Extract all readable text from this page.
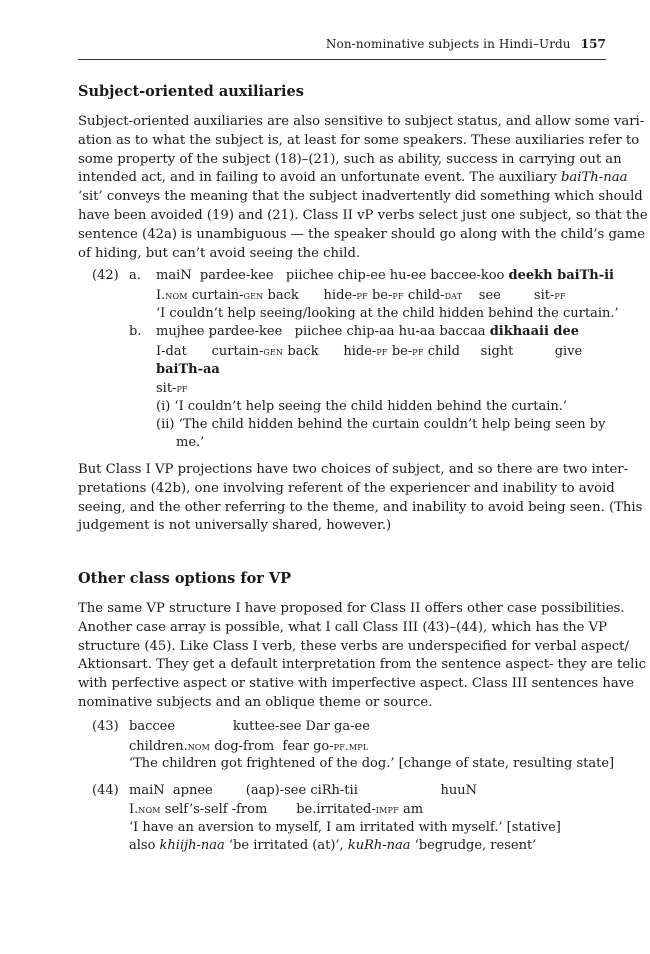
Non-nominative subjects in Hindi–Urdu 157
Subject-oriented auxiliaries
Subject-oriented auxiliaries are also sensitive to subject status, and allow some vari-
ation as to what the subject is, at least for some speakers. These auxiliaries refer to
some property of the subject (18)–(21), such as ability, success in carrying out an
intended act, and in failing to avoid an unfortunate event. The auxiliary baiTh-naa
‘sit’ conveys the meaning that the subject inadvertently did something which should
have been avoided (19) and (21). Class II vP verbs select just one subject, so that the
sentence (42a) is unambiguous — the speaker should go along with the child’s game
of hiding, but can’t avoid seeing the child.
(42) a. maiN  pardee-kee   piichee chip-ee hu-ee baccee-koo deekh baiTh-ii
I.nom curtain-gen back      hide-pf be-pf child-dat    see        sit-pf
‘I couldn’t help seeing/looking at the child hidden behind the curtain.’
b. mujhee pardee-kee   piichee chip-aa hu-aa baccaa dikhaaii dee
I-dat      curtain-gen back      hide-pf be-pf child     sight          give
baiTh-aa
sit-pf
(i) ‘I couldn’t help seeing the child hidden behind the curtain.’
(ii) ‘The child hidden behind the curtain couldn’t help being seen by
me.’
But Class I VP projections have two choices of subject, and so there are two inter-
pretations (42b), one involving referent of the experiencer and inability to avoid
seeing, and the other referring to the theme, and inability to avoid being seen. (This
judgement is not universally shared, however.)
Other class options for VP
The same VP structure I have proposed for Class II offers other case possibilities.
Another case array is possible, what I call Class III (43)–(44), which has the VP
structure (45). Like Class I verb, these verbs are underspecified for verbal aspect/
Aktionsart. They get a default interpretation from the sentence aspect- they are telic
with perfective aspect or stative with imperfective aspect. Class III sentences have
nominative subjects and an oblique theme or source.
(43) baccee              kuttee-see Dar ga-ee
children.nom dog-from  fear go-pf.mpl
‘The children got frightened of the dog.’ [change of state, resulting state]
(44) maiN  apnee        (aap)-see ciRh-tii                    huuN
I.nom self’s-self -from       be.irritated-impf am
‘I have an aversion to myself, I am irritated with myself.’ [stative]
also khiijh-naa ‘be irritated (at)’, kuRh-naa ‘begrudge, resent’
